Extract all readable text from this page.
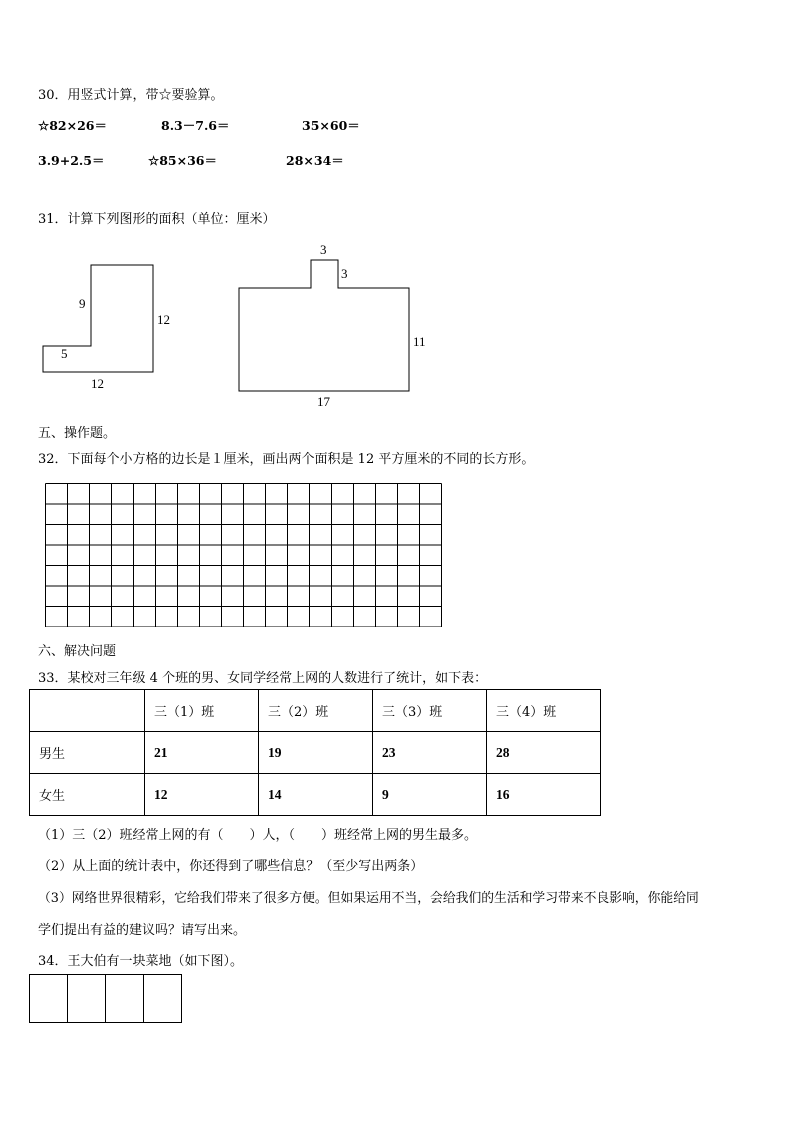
30．用竖式计算，带☆要验算。
☆82×26＝	8.3－7.6＝	35×60＝
3.9+2.5＝	☆85×36＝	28×34＝
31．计算下列图形的面积（单位：厘米）
9
12
5
12
3
3
11
17
五、操作题。
32．下面每个小方格的边长是１厘米，画出两个面积是 12 平方厘米的不同的长方形。
六、解决问题
33．某校对三年级 4 个班的男、女同学经常上网的人数进行了统计，如下表：
	三（1）班	三（2）班	三（3）班	三（4）班
男生	21	19	23	28
女生	12	14	9	16
（1）三（2）班经常上网的有（　　）人，（　　）班经常上网的男生最多。
（2）从上面的统计表中，你还得到了哪些信息？（至少写出两条）
（3）网络世界很精彩，它给我们带来了很多方便。但如果运用不当，会给我们的生活和学习带来不良影响，你能给同
学们提出有益的建议吗？请写出来。
34．王大伯有一块菜地（如下图）。
